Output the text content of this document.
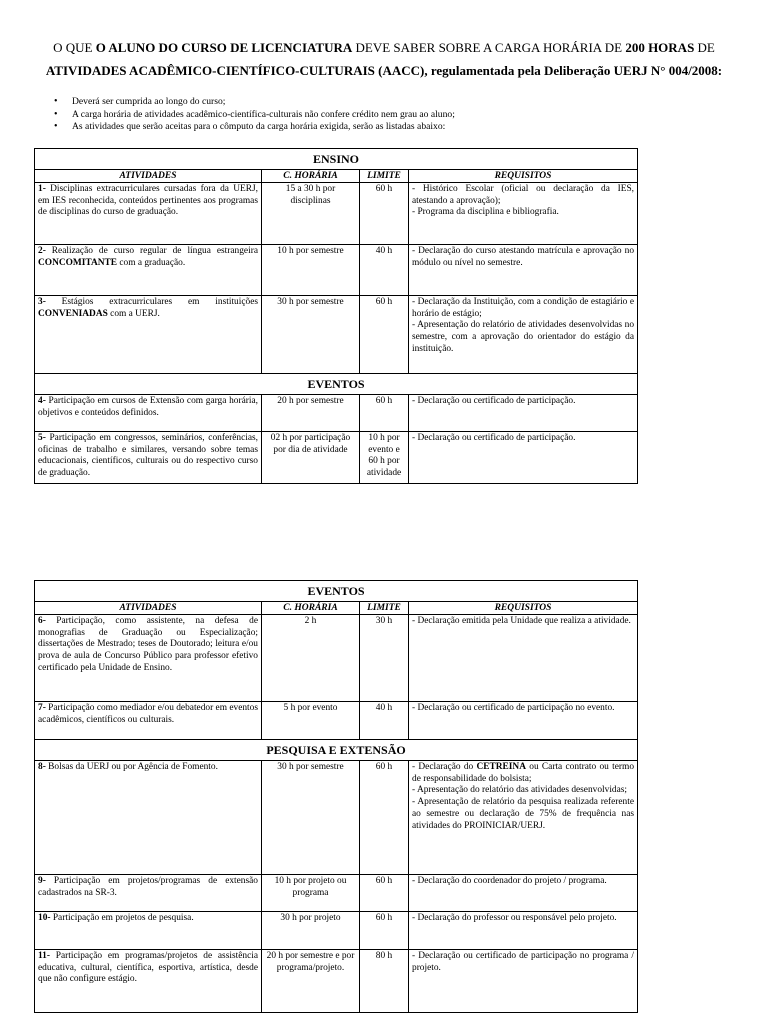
O QUE O ALUNO DO CURSO DE LICENCIATURA DEVE SABER SOBRE A CARGA HORÁRIA DE 200 HORAS DE
ATIVIDADES ACADÊMICO-CIENTÍFICO-CULTURAIS (AACC), regulamentada pela Deliberação UERJ N° 004/2008:
• Deverá ser cumprida ao longo do curso;
• A carga horária de atividades acadêmico-científica-culturais não confere crédito nem grau ao aluno;
• As atividades que serão aceitas para o cômputo da carga horária exigida, serão as listadas abaixo:
ENSINO			
ATIVIDADES	C. HORÁRIA	LIMITE	REQUISITOS
1- Disciplinas extracurriculares cursadas fora da UERJ, em IES reconhecida, conteúdos pertinentes aos programas de disciplinas do curso de graduação.	15 a 30 h por disciplinas	60 h	- Histórico Escolar (oficial ou declaração da IES, atestando a aprovação);
- Programa da disciplina e bibliografia.
2- Realização de curso regular de língua estrangeira CONCOMITANTE com a graduação.	10 h por semestre	40 h	- Declaração do curso atestando matrícula e aprovação no módulo ou nível no semestre.
3- Estágios extracurriculares em instituições CONVENIADAS com a UERJ.	30 h por semestre	60 h	- Declaração da Instituição, com a condição de estagiário e horário de estágio;
- Apresentação do relatório de atividades desenvolvidas no semestre, com a aprovação do orientador do estágio da instituição.
EVENTOS			
4- Participação em cursos de Extensão com garga horária, objetivos e conteúdos definidos.	20 h por semestre	60 h	- Declaração ou certificado de participação.
5- Participação em congressos, seminários, conferências, oficinas de trabalho e similares, versando sobre temas educacionais, científicos, culturais ou do respectivo curso de graduação.	02 h por participação por dia de atividade	10 h por evento e 60 h por atividade	- Declaração ou certificado de participação.
EVENTOS			
ATIVIDADES	C. HORÁRIA	LIMITE	REQUISITOS
6- Participação, como assistente, na defesa de monografias de Graduação ou Especialização; dissertações de Mestrado; teses de Doutorado; leitura e/ou prova de aula de Concurso Público para professor efetivo certificado pela Unidade de Ensino.	2 h	30 h	- Declaração emitida pela Unidade que realiza a atividade.
7- Participação como mediador e/ou debatedor em eventos acadêmicos, científicos ou culturais.	5 h por evento	40 h	- Declaração ou certificado de participação no evento.
PESQUISA E EXTENSÃO			
8- Bolsas da UERJ ou por Agência de Fomento.	30 h por semestre	60 h	- Declaração do CETREINA ou Carta contrato ou termo de responsabilidade do bolsista;
- Apresentação do relatório das atividades desenvolvidas;
- Apresentação de relatório da pesquisa realizada referente ao semestre ou declaração de 75% de frequência nas atividades do PROINICIAR/UERJ.
9- Participação em projetos/programas de extensão cadastrados na SR-3.	10 h por projeto ou programa	60 h	- Declaração do coordenador do projeto / programa.
10- Participação em projetos de pesquisa.	30 h por projeto	60 h	- Declaração do professor ou responsável pelo projeto.
11- Participação em programas/projetos de assistência educativa, cultural, científica, esportiva, artística, desde que não configure estágio.	20 h por semestre e por programa/projeto.	80 h	- Declaração ou certificado de participação no programa / projeto.
